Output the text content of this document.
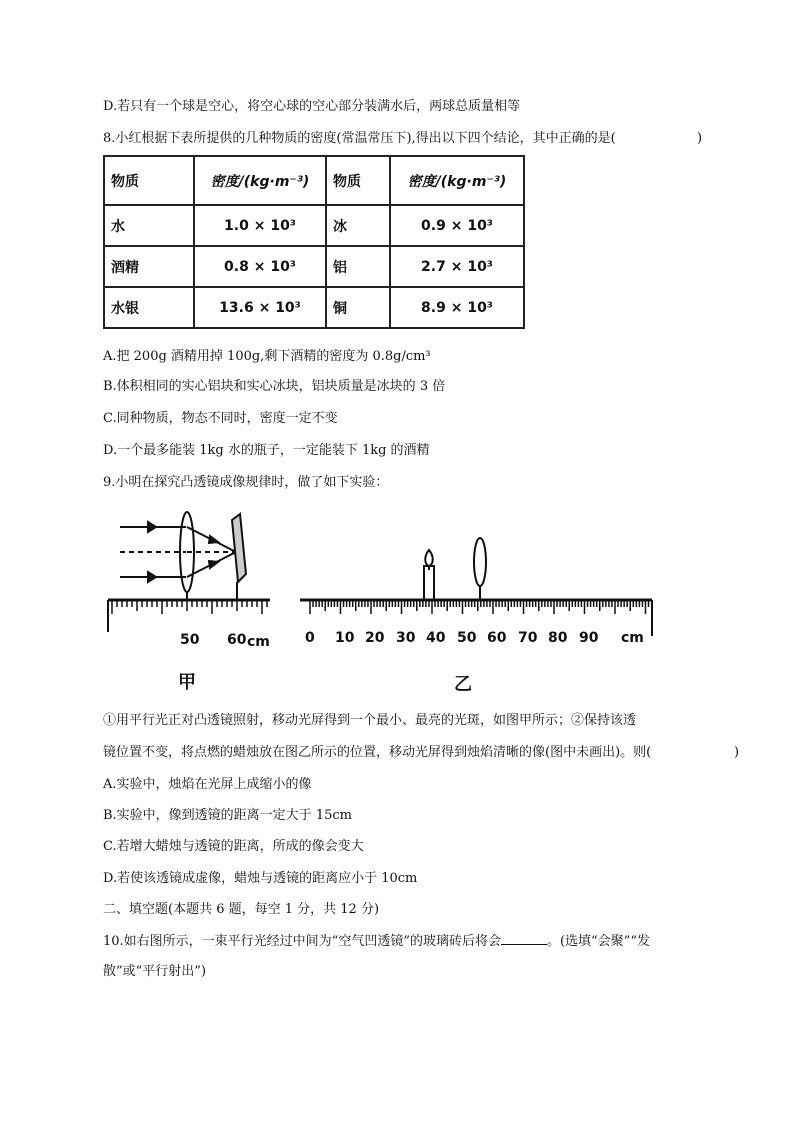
D.若只有一个球是空心，将空心球的空心部分装满水后，两球总质量相等
8.小红根据下表所提供的几种物质的密度(常温常压下),得出以下四个结论，其中正确的是(	)
物质	密度/(kg·m⁻³)	物质	密度/(kg·m⁻³)
水	1.0 × 10³	冰	0.9 × 10³
酒精	0.8 × 10³	铝	2.7 × 10³
水银	13.6 × 10³	铜	8.9 × 10³
A.把 200g 酒精用掉 100g,剩下酒精的密度为 0.8g/cm³
B.体积相同的实心铝块和实心冰块，铝块质量是冰块的 3 倍
C.同种物质，物态不同时，密度一定不变
D.一个最多能装 1kg 水的瓶子，一定能装下 1kg 的酒精
9.小明在探究凸透镜成像规律时，做了如下实验：
50 60 cm
甲
0 10 20 30 40 50 60 70 80 90 cm
乙
①用平行光正对凸透镜照射，移动光屏得到一个最小、最亮的光斑，如图甲所示；②保持该透
镜位置不变，将点燃的蜡烛放在图乙所示的位置，移动光屏得到烛焰清晰的像(图中未画出)。则(	)
A.实验中，烛焰在光屏上成缩小的像
B.实验中，像到透镜的距离一定大于 15cm
C.若增大蜡烛与透镜的距离，所成的像会变大
D.若使该透镜成虚像，蜡烛与透镜的距离应小于 10cm
二、填空题(本题共 6 题，每空 1 分，共 12 分)
10.如右图所示，一束平行光经过中间为“空气凹透镜”的玻璃砖后将会	。(选填“会聚”“发
散”或“平行射出”)
